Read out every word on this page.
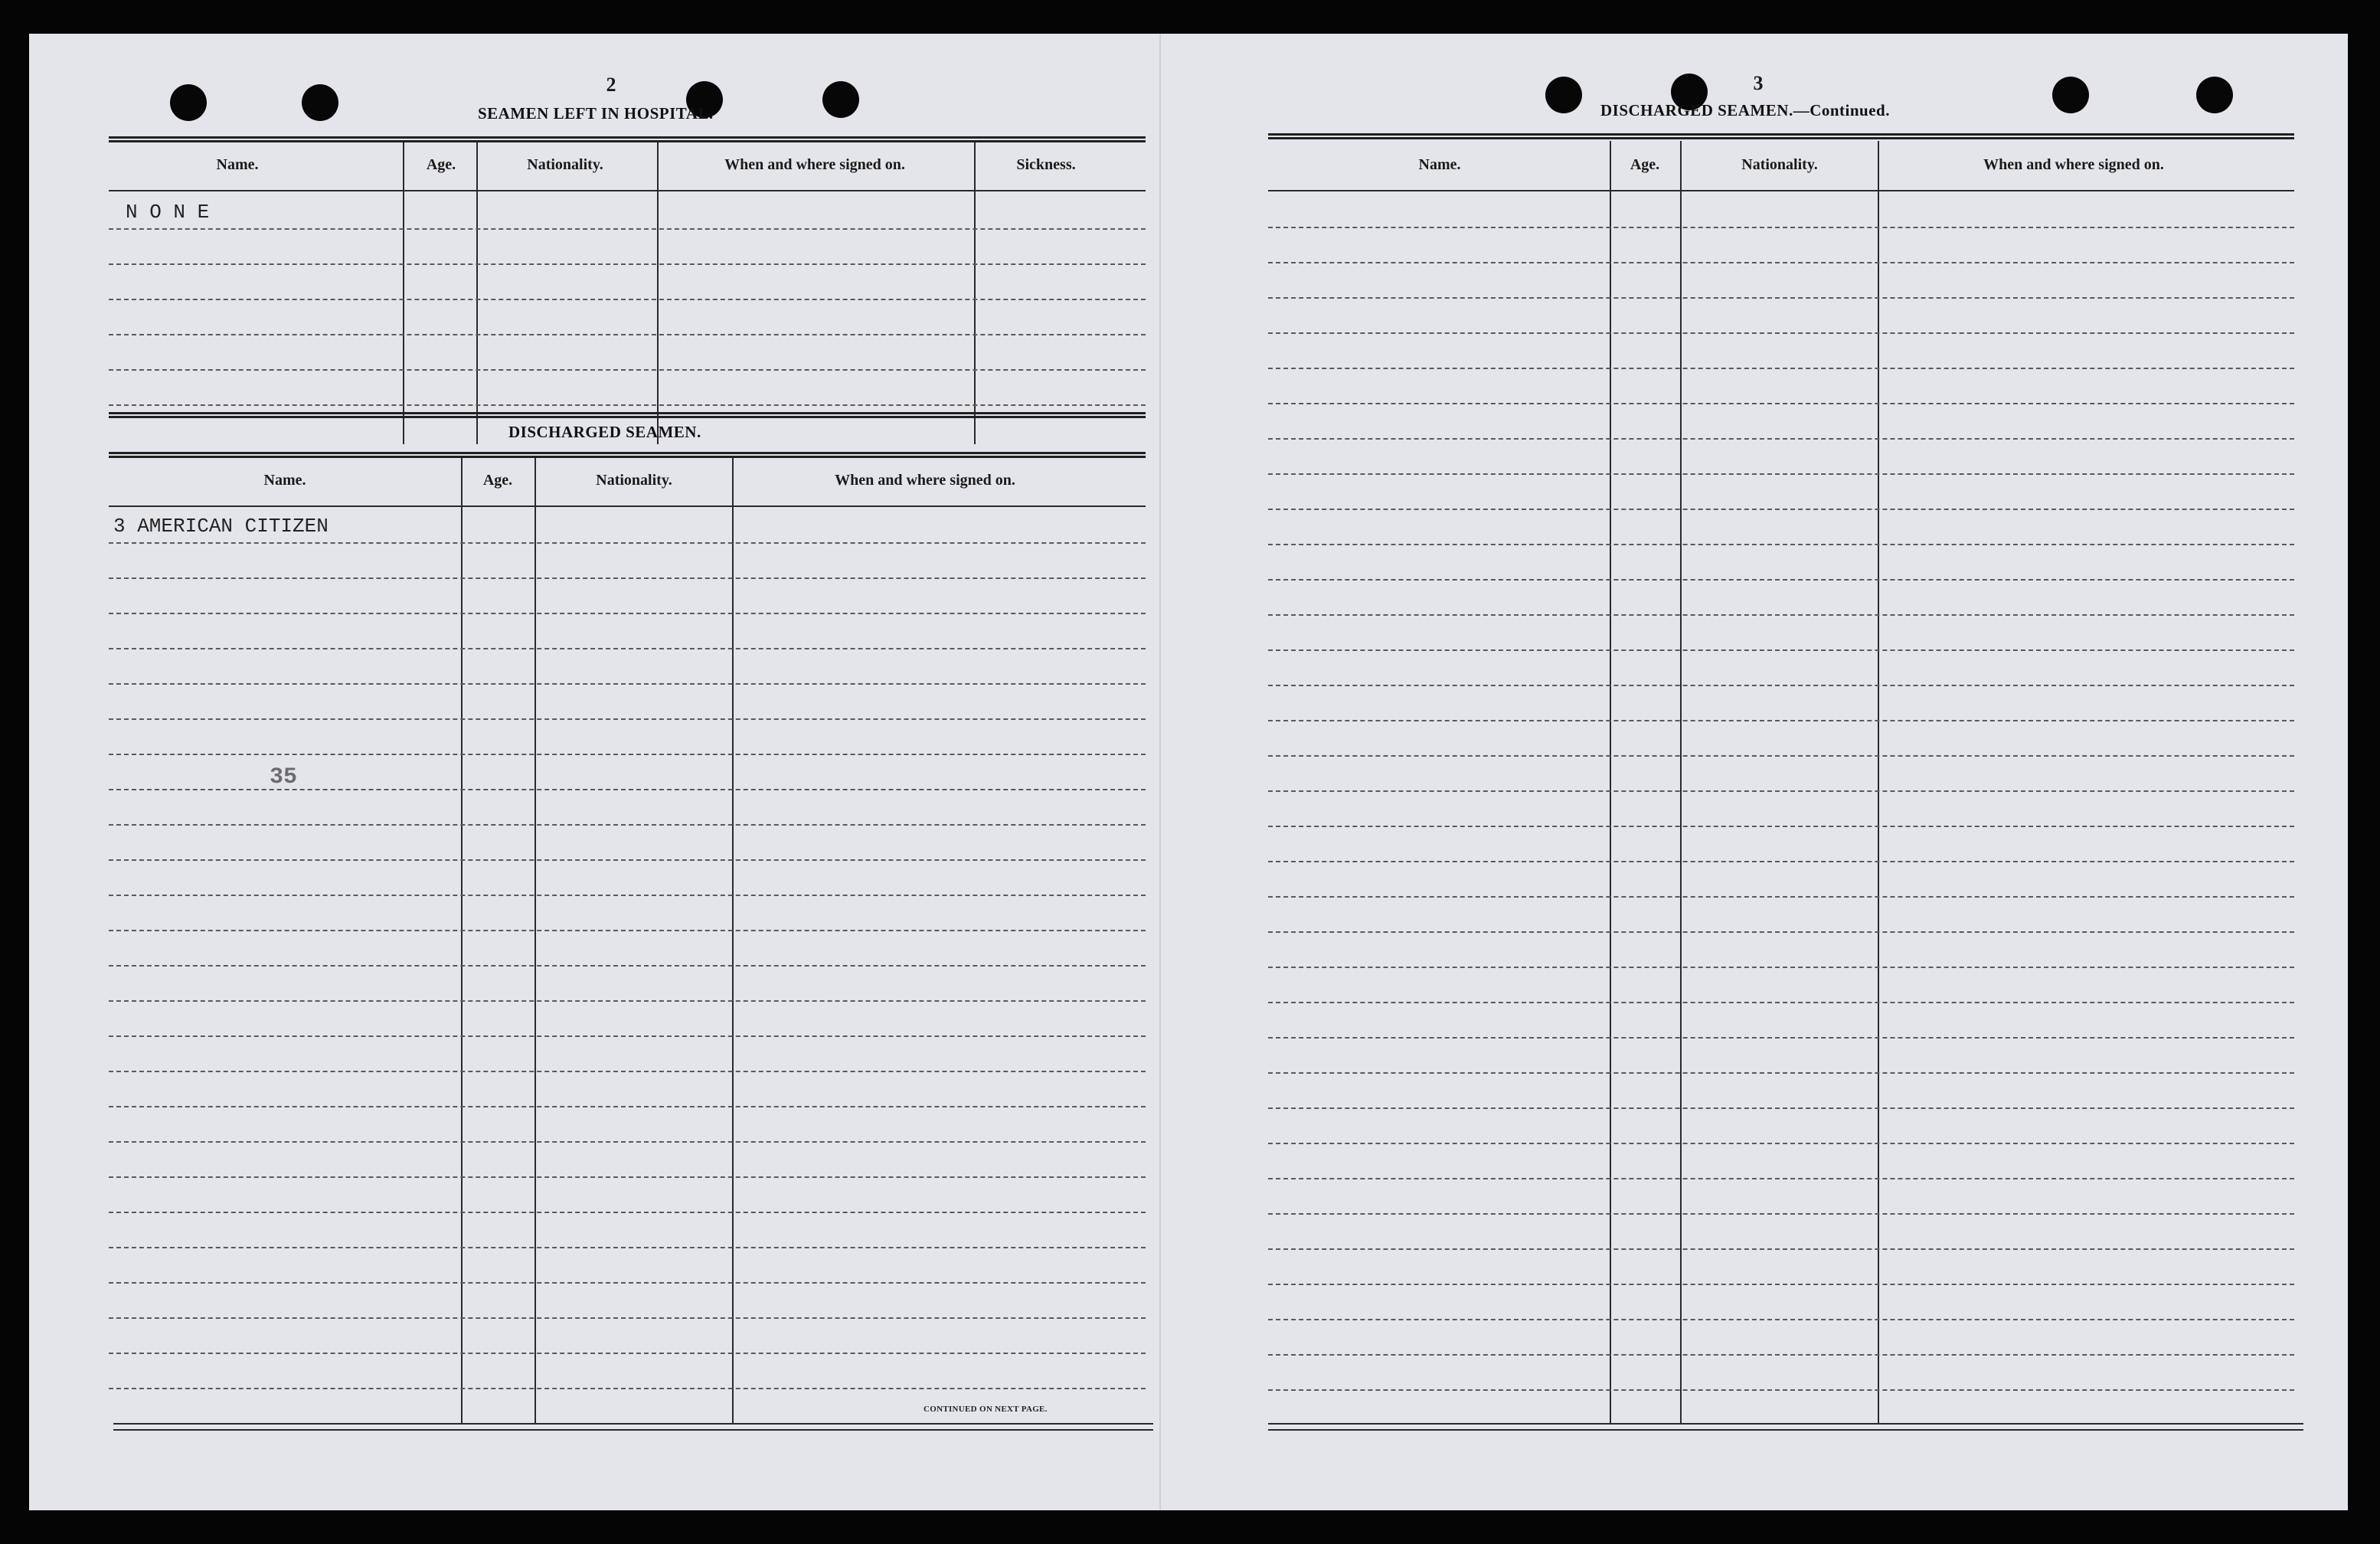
2
SEAMEN LEFT IN HOSPITAL.
Name.	Age.	Nationality.	When and where signed on.	Sickness.
N O N E
DISCHARGED SEAMEN.
Name.	Age.	Nationality.	When and where signed on.
3 AMERICAN CITIZEN
35
CONTINUED ON NEXT PAGE.
3
DISCHARGED SEAMEN.—Continued.
Name.	Age.	Nationality.	When and where signed on.
